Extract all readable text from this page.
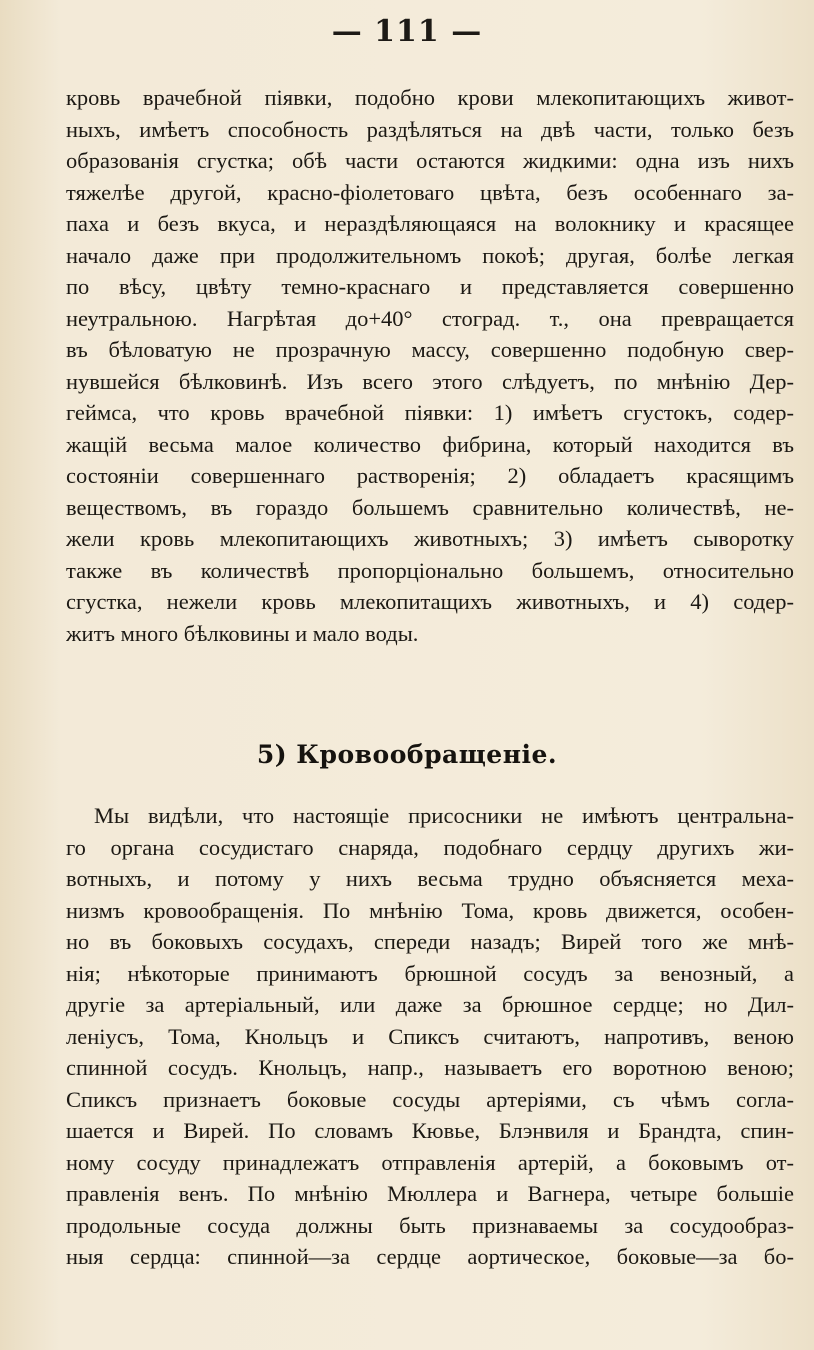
— 111 —
кровь врачебной піявки, подобно крови млекопитающихъ живот-
ныхъ, имѣетъ способность раздѣляться на двѣ части, только безъ
образованія сгустка; обѣ части остаются жидкими: одна изъ нихъ
тяжелѣе другой, красно-фіолетоваго цвѣта, безъ особеннаго за-
паха и безъ вкуса, и нераздѣляющаяся на волокнику и красящее
начало даже при продолжительномъ покоѣ; другая, болѣе легкая
по вѣсу, цвѣту темно-краснаго и представляется совершенно
неутральною. Нагрѣтая до+40° стоград. т., она превращается
въ бѣловатую не прозрачную массу, совершенно подобную свер-
нувшейся бѣлковинѣ. Изъ всего этого слѣдуетъ, по мнѣнію Дер-
геймса, что кровь врачебной піявки: 1) имѣетъ сгустокъ, содер-
жащій весьма малое количество фибрина, который находится въ
состояніи совершеннаго растворенія; 2) обладаетъ красящимъ
веществомъ, въ гораздо большемъ сравнительно количествѣ, не-
жели кровь млекопитающихъ животныхъ; 3) имѣетъ сыворотку
также въ количествѣ пропорціонально большемъ, относительно
сгустка, нежели кровь млекопитащихъ животныхъ, и 4) содер-
житъ много бѣлковины и мало воды.
5) Кровообращеніе.
Мы видѣли, что настоящіе присосники не имѣютъ центральна-
го органа сосудистаго снаряда, подобнаго сердцу другихъ жи-
вотныхъ, и потому у нихъ весьма трудно объясняется меха-
низмъ кровообращенія. По мнѣнію Тома, кровь движется, особен-
но въ боковыхъ сосудахъ, спереди назадъ; Вирей того же мнѣ-
нія; нѣкоторые принимаютъ брюшной сосудъ за венозный, а
другіе за артеріальный, или даже за брюшное сердце; но Дил-
леніусъ, Тома, Кнольцъ и Спиксъ считаютъ, напротивъ, веною
спинной сосудъ. Кнольцъ, напр., называетъ его воротною веною;
Спиксъ признаетъ боковые сосуды артеріями, съ чѣмъ согла-
шается и Вирей. По словамъ Кювье, Блэнвиля и Брандта, спин-
ному сосуду принадлежатъ отправленія артерій, а боковымъ от-
правленія венъ. По мнѣнію Мюллера и Вагнера, четыре большіе
продольные сосуда должны быть признаваемы за сосудообраз-
ныя сердца: спинной—за сердце аортическое, боковые—за бо-
